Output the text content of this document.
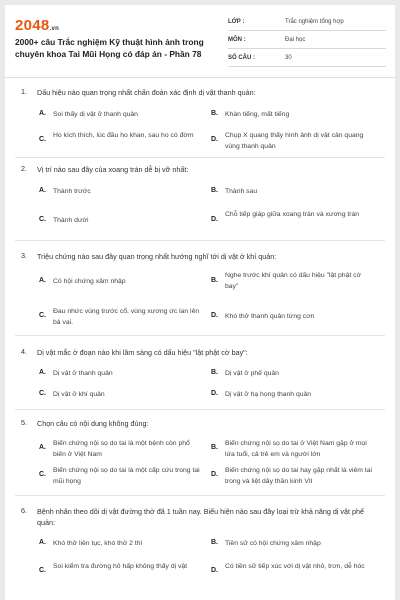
2048.vn
2000+ câu Trắc nghiệm Kỹ thuật hình ảnh trong chuyên khoa Tai Mũi Họng có đáp án - Phần 78
LỚP :	Trắc nghiệm tổng hợp
MÔN :	Đại học
SỐ CÂU :	30
1. Dấu hiệu nào quan trọng nhất chẩn đoán xác định dị vật thanh quản:
A. Soi thấy dị vật ở thanh quản	B. Khàn tiếng, mất tiếng
C.
Ho kích thích, lúc đầu ho khan, sau ho có đờm
D.
Chụp X quang thấy hình ảnh dị vật cản quang vùng thanh quản
2. Vị trí nào sau đây của xoang trán dễ bị vỡ nhất:
A. Thành trước	B. Thành sau
C. Thành dưới	D.
Chỗ tiếp giáp giữa xoang trán và xương trán
3. Triệu chứng nào sau đây quan trọng nhất hướng nghĩ tới dị vật ở khí quản:
A. Có hội chứng xâm nhập	B.
Nghe trước khí quản có dấu hiệu "lật phật cờ bay"
C.
Đau nhức vùng trước cổ, vùng xương ức lan lên bả vai.
D. Khó thở thanh quản từng cơn
4. Dị vật mắc ở đoạn nào khi lâm sàng có dấu hiệu "lật phật cờ bay":
A. Dị vật ở thanh quản	B. Dị vật ở phế quản
C. Dị vật ở khí quản	D. Dị vật ở hạ họng thanh quản
5. Chọn câu có nội dung không đúng:
A.
Biến chứng nội sọ do tai là một bệnh còn phổ biến ở Việt Nam
B.
Biến chứng nội sọ do tai ở Việt Nam gặp ở mọi lứa tuổi, cả trẻ em và người lớn
C.
Biến chứng nội sọ do tai là một cấp cứu trong tai mũi họng
D.
Biến chứng nội sọ do tai hay gặp nhất là viêm tai trong và liệt dây thần kinh VII
6. Bệnh nhân theo dõi dị vật đường thở đã 1 tuần nay. Biểu hiện nào sau đây loại trừ khả năng dị vật phế quản:
A. Khó thở liên tục, khó thở 2 thì	B. Tiền sử có hội chứng xâm nhập
C.
Soi kiểm tra đường hô hấp không thấy dị vật
D.
Có tiền sử tiếp xúc với dị vật nhỏ, trơn, dễ hóc
